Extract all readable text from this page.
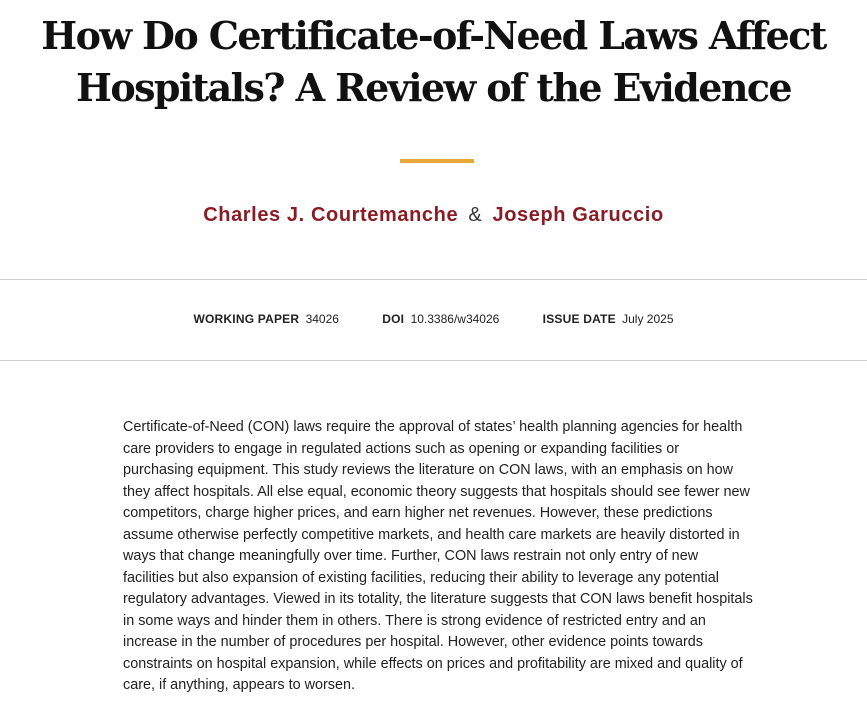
How Do Certificate-of-Need Laws Affect Hospitals? A Review of the Evidence
Charles J. Courtemanche & Joseph Garuccio
WORKING PAPER 34026	DOI 10.3386/w34026	ISSUE DATE July 2025

Certificate-of-Need (CON) laws require the approval of states’ health planning agencies for health care providers to engage in regulated actions such as opening or expanding facilities or purchasing equipment. This study reviews the literature on CON laws, with an emphasis on how they affect hospitals. All else equal, economic theory suggests that hospitals should see fewer new competitors, charge higher prices, and earn higher net revenues. However, these predictions assume otherwise perfectly competitive markets, and health care markets are heavily distorted in ways that change meaningfully over time. Further, CON laws restrain not only entry of new facilities but also expansion of existing facilities, reducing their ability to leverage any potential regulatory advantages. Viewed in its totality, the literature suggests that CON laws benefit hospitals in some ways and hinder them in others. There is strong evidence of restricted entry and an increase in the number of procedures per hospital. However, other evidence points towards constraints on hospital expansion, while effects on prices and profitability are mixed and quality of care, if anything, appears to worsen.
